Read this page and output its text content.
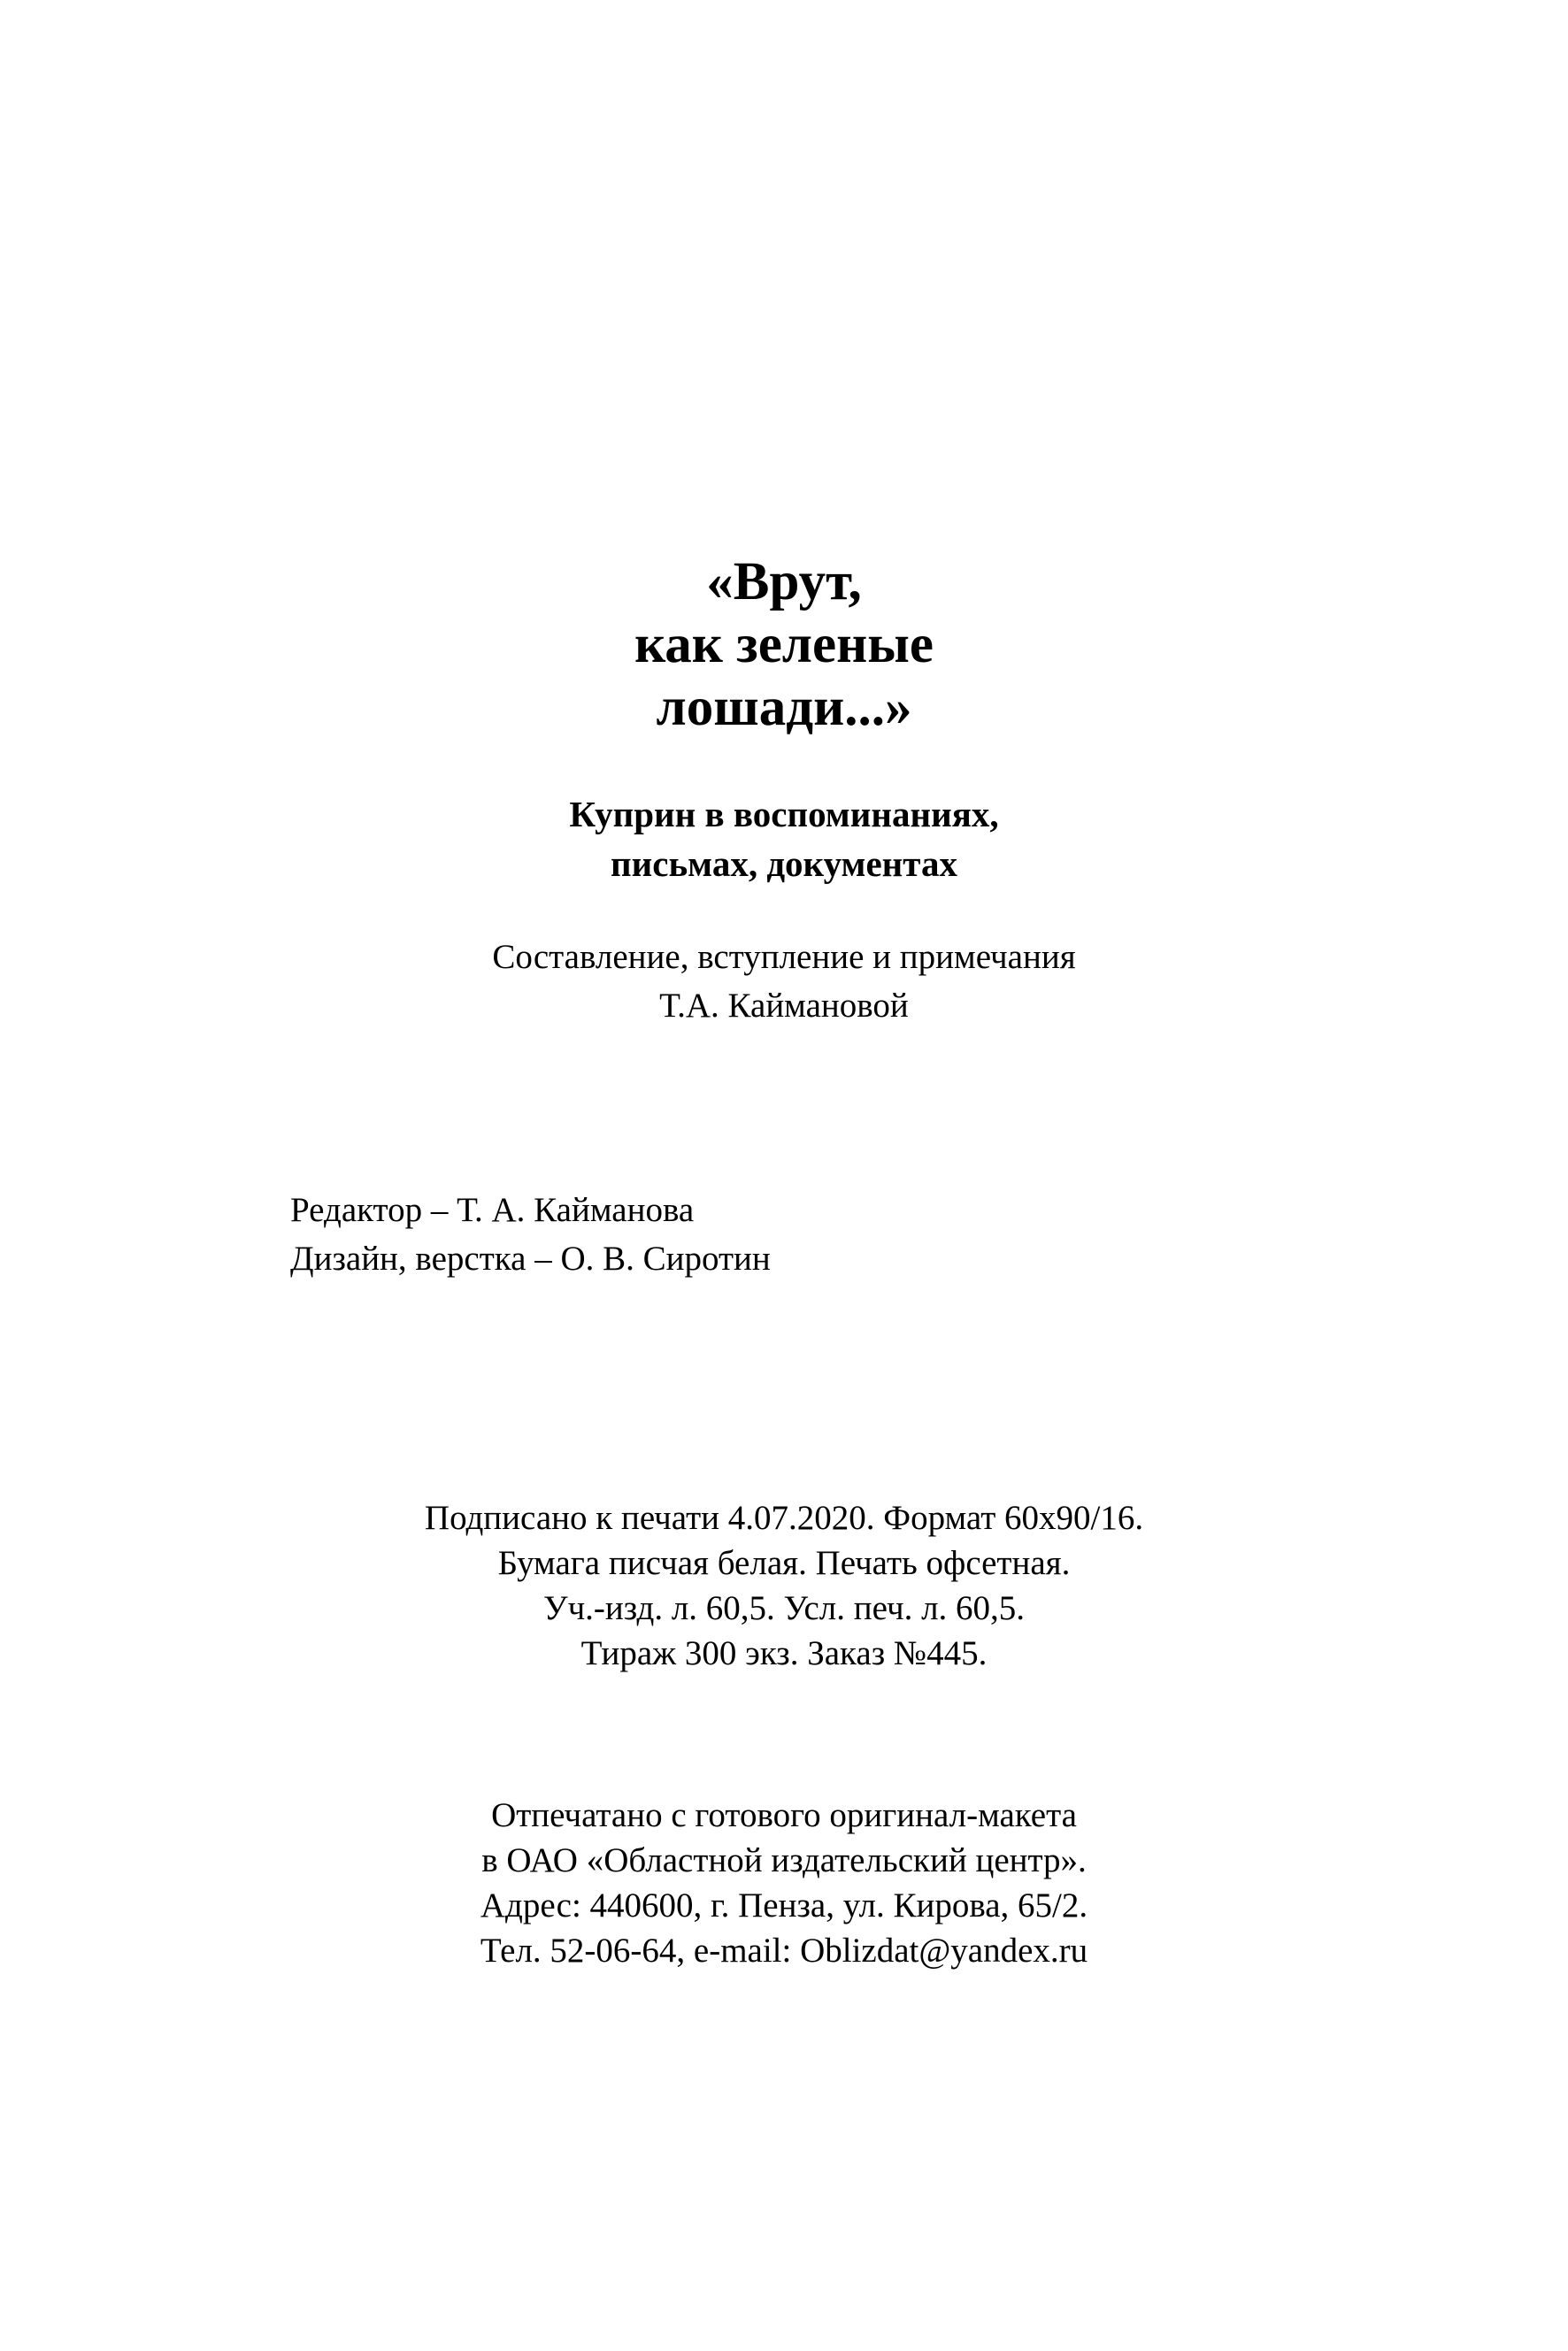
«Врут,
как зеленые
лошади...»
Куприн в воспоминаниях,
письмах, документах
Составление, вступление и примечания
Т.А. Каймановой
Редактор – Т. А. Кайманова
Дизайн, верстка – О. В. Сиротин
Подписано к печати 4.07.2020. Формат 60х90/16.
Бумага писчая белая. Печать офсетная.
Уч.-изд. л. 60,5. Усл. печ. л. 60,5.
Тираж 300 экз. Заказ №445.
Отпечатано с готового оригинал-макета
в ОАО «Областной издательский центр».
Адрес: 440600, г. Пенза, ул. Кирова, 65/2.
Тел. 52-06-64, e-mail: Oblizdat@yandex.ru
